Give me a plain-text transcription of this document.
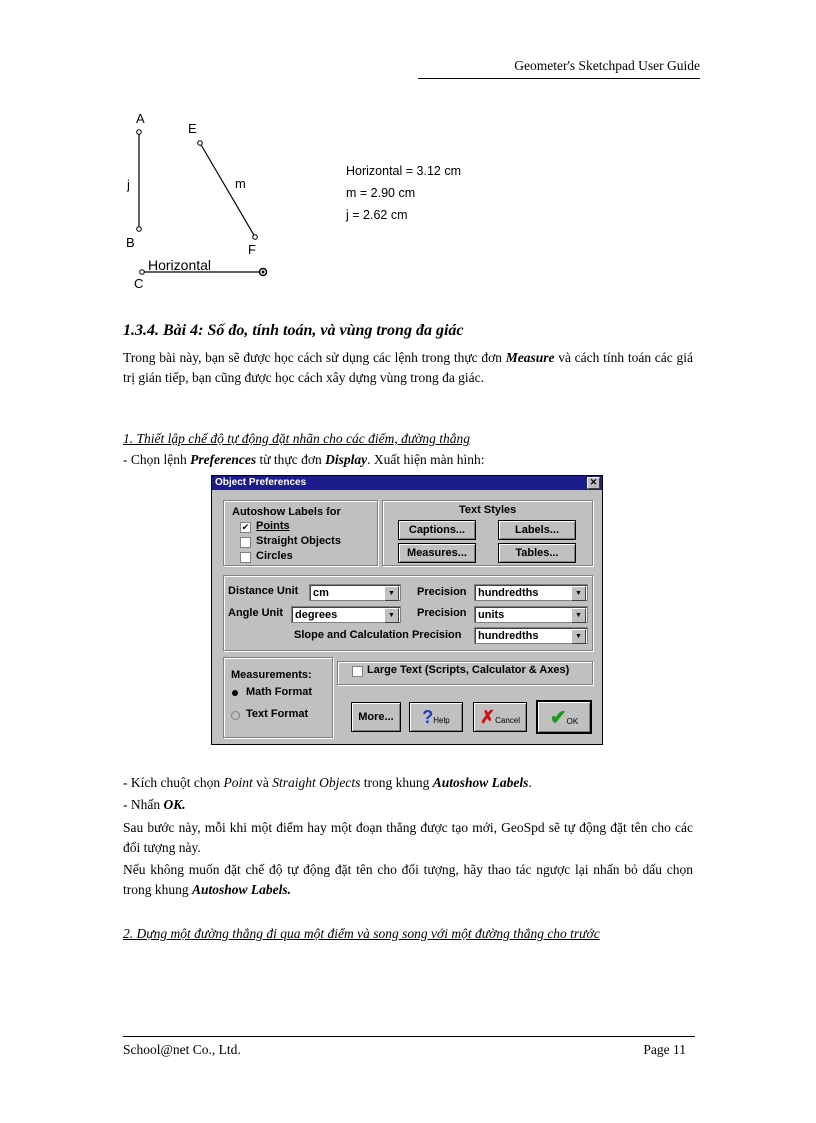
Geometer's Sketchpad User Guide
A
E
j	m
B	F
Horizontal
C
Horizontal = 3.12 cm
m = 2.90 cm
j = 2.62 cm
1.3.4. Bài 4: Số đo, tính toán, và vùng trong đa giác
Trong bài này, bạn sẽ được học cách sử dụng các lệnh trong thực đơn Measure và cách tính toán các giá trị gián tiếp, bạn cũng được học cách xây dựng vùng trong đa giác.
1. Thiết lập chế độ tự động đặt nhãn cho các điểm, đường thẳng
- Chọn lệnh Preferences từ thực đơn Display. Xuất hiện màn hình:
Object Preferences	✕
Autoshow Labels for
✔ Points
Straight Objects
Circles
Text Styles
Captions...	Labels...
Measures...	Tables...
Distance Unit	cm	▼	Precision	hundredths	▼
Angle Unit	degrees	▼	Precision	units	▼
Slope and Calculation Precision	hundredths	▼
Measurements:
Math Format
Text Format
Large Text (Scripts, Calculator & Axes)
More...	?Help	✗Cancel	✔OK
- Kích chuột chọn Point và Straight Objects trong khung Autoshow Labels.
- Nhấn OK.
Sau bước này, mỗi khi một điểm hay một đoạn thẳng được tạo mới, GeoSpd sẽ tự động đặt tên cho các đối tượng này.
Nếu không muốn đặt chế độ tự động đặt tên cho đối tượng, hãy thao tác ngược lại nhấn bỏ dấu chọn trong khung Autoshow Labels.
2. Dựng một đường thẳng đi qua một điểm và song song với một đường thẳng cho trước
School@net Co., Ltd.	Page 11
